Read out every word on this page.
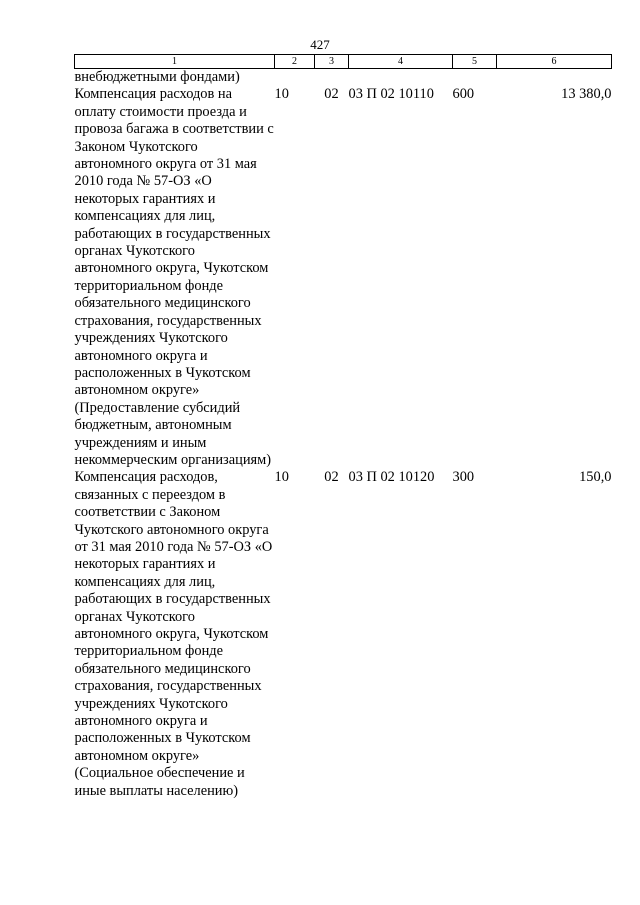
427
1	2	3	4	5	6
внебюджетными фондами)					
Компенсация расходов на оплату стоимости проезда и провоза багажа в соответствии с Законом Чукотского автономного округа от 31 мая 2010 года № 57-ОЗ «О некоторых гарантиях и компенсациях для лиц, работающих в государственных органах Чукотского автономного округа, Чукотском территориальном фонде обязательного медицинского страхования, государственных учреждениях Чукотского автономного округа и расположенных в Чукотском автономном округе» (Предоставление субсидий бюджетным, автономным учреждениям и иным некоммерческим организациям)	10	02	03 П 02 10110	600	13 380,0
Компенсация расходов, связанных с переездом в соответствии с Законом Чукотского автономного округа от 31 мая 2010 года № 57-ОЗ «О некоторых гарантиях и компенсациях для лиц, работающих в государственных органах Чукотского автономного округа, Чукотском территориальном фонде обязательного медицинского страхования, государственных учреждениях Чукотского автономного округа и расположенных в Чукотском автономном округе» (Социальное обеспечение и иные выплаты населению)	10	02	03 П 02 10120	300	150,0
